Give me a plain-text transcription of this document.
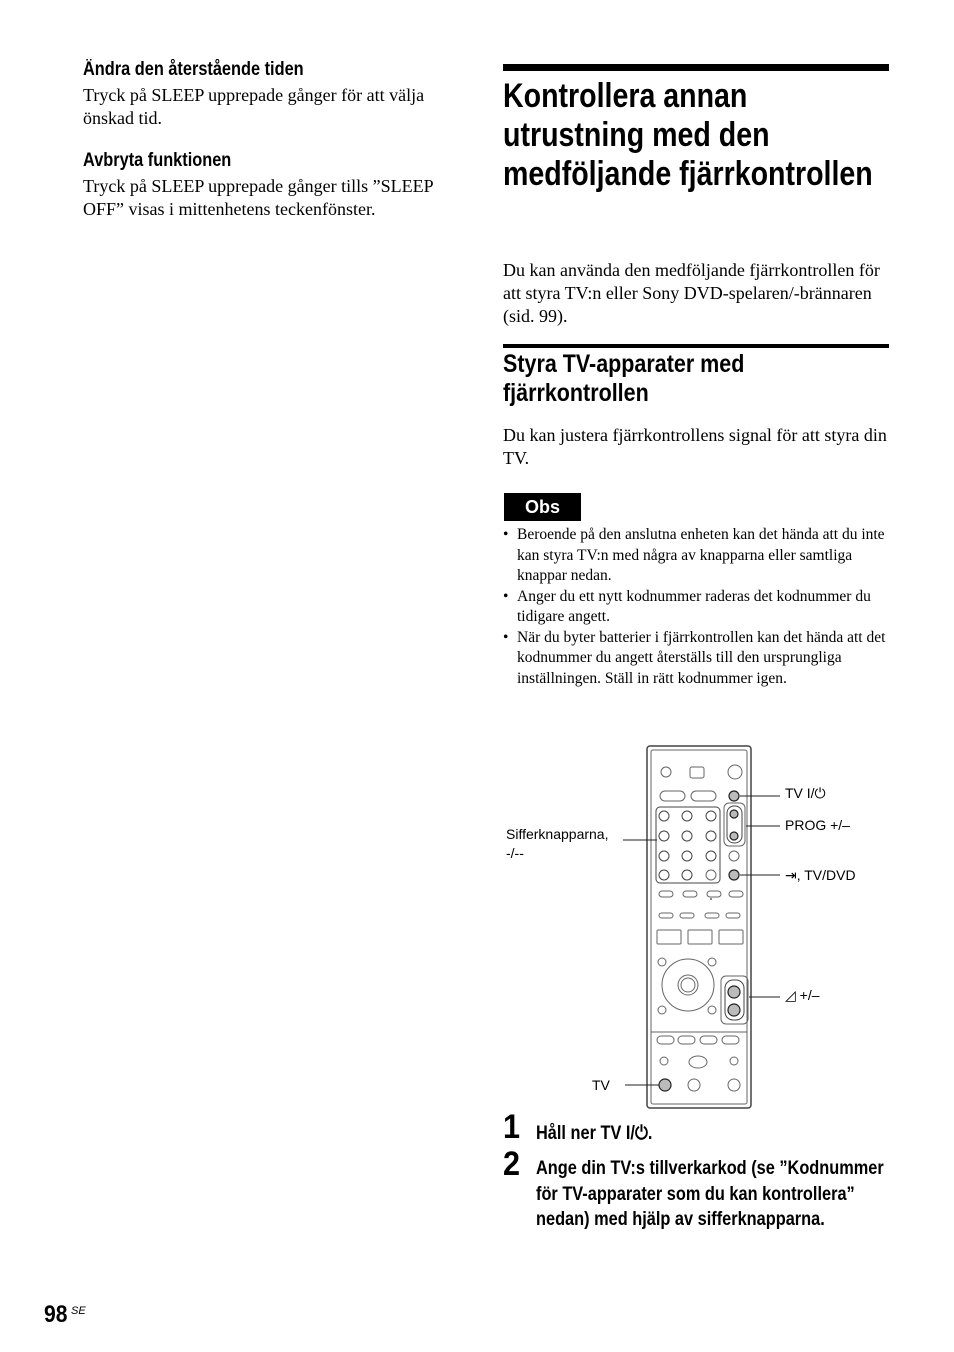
Ändra den återstående tiden
Tryck på SLEEP upprepade gånger för att välja önskad tid.
Avbryta funktionen
Tryck på SLEEP upprepade gånger tills ”SLEEP OFF” visas i mittenhetens teckenfönster.
Kontrollera annan utrustning med den medföljande fjärrkontrollen
Du kan använda den medföljande fjärrkontrollen för att styra TV:n eller Sony DVD-spelaren/-brännaren (sid. 99).
Styra TV-apparater med fjärrkontrollen
Du kan justera fjärrkontrollens signal för att styra din TV.
Obs
• Beroende på den anslutna enheten kan det hända att du inte kan styra TV:n med några av knapparna eller samtliga knappar nedan.
• Anger du ett nytt kodnummer raderas det kodnummer du tidigare angett.
• När du byter batterier i fjärrkontrollen kan det hända att det kodnummer du angett återställs till den ursprungliga inställningen. Ställ in rätt kodnummer igen.
TV I/⏻
PROG +/–
Sifferknapparna,
-/--
⇥, TV/DVD
◿ +/–
TV
1 Håll ner TV I/⏻.
2 Ange din TV:s tillverkarkod (se ”Kodnummer för TV-apparater som du kan kontrollera” nedan) med hjälp av sifferknapparna.
98 SE
